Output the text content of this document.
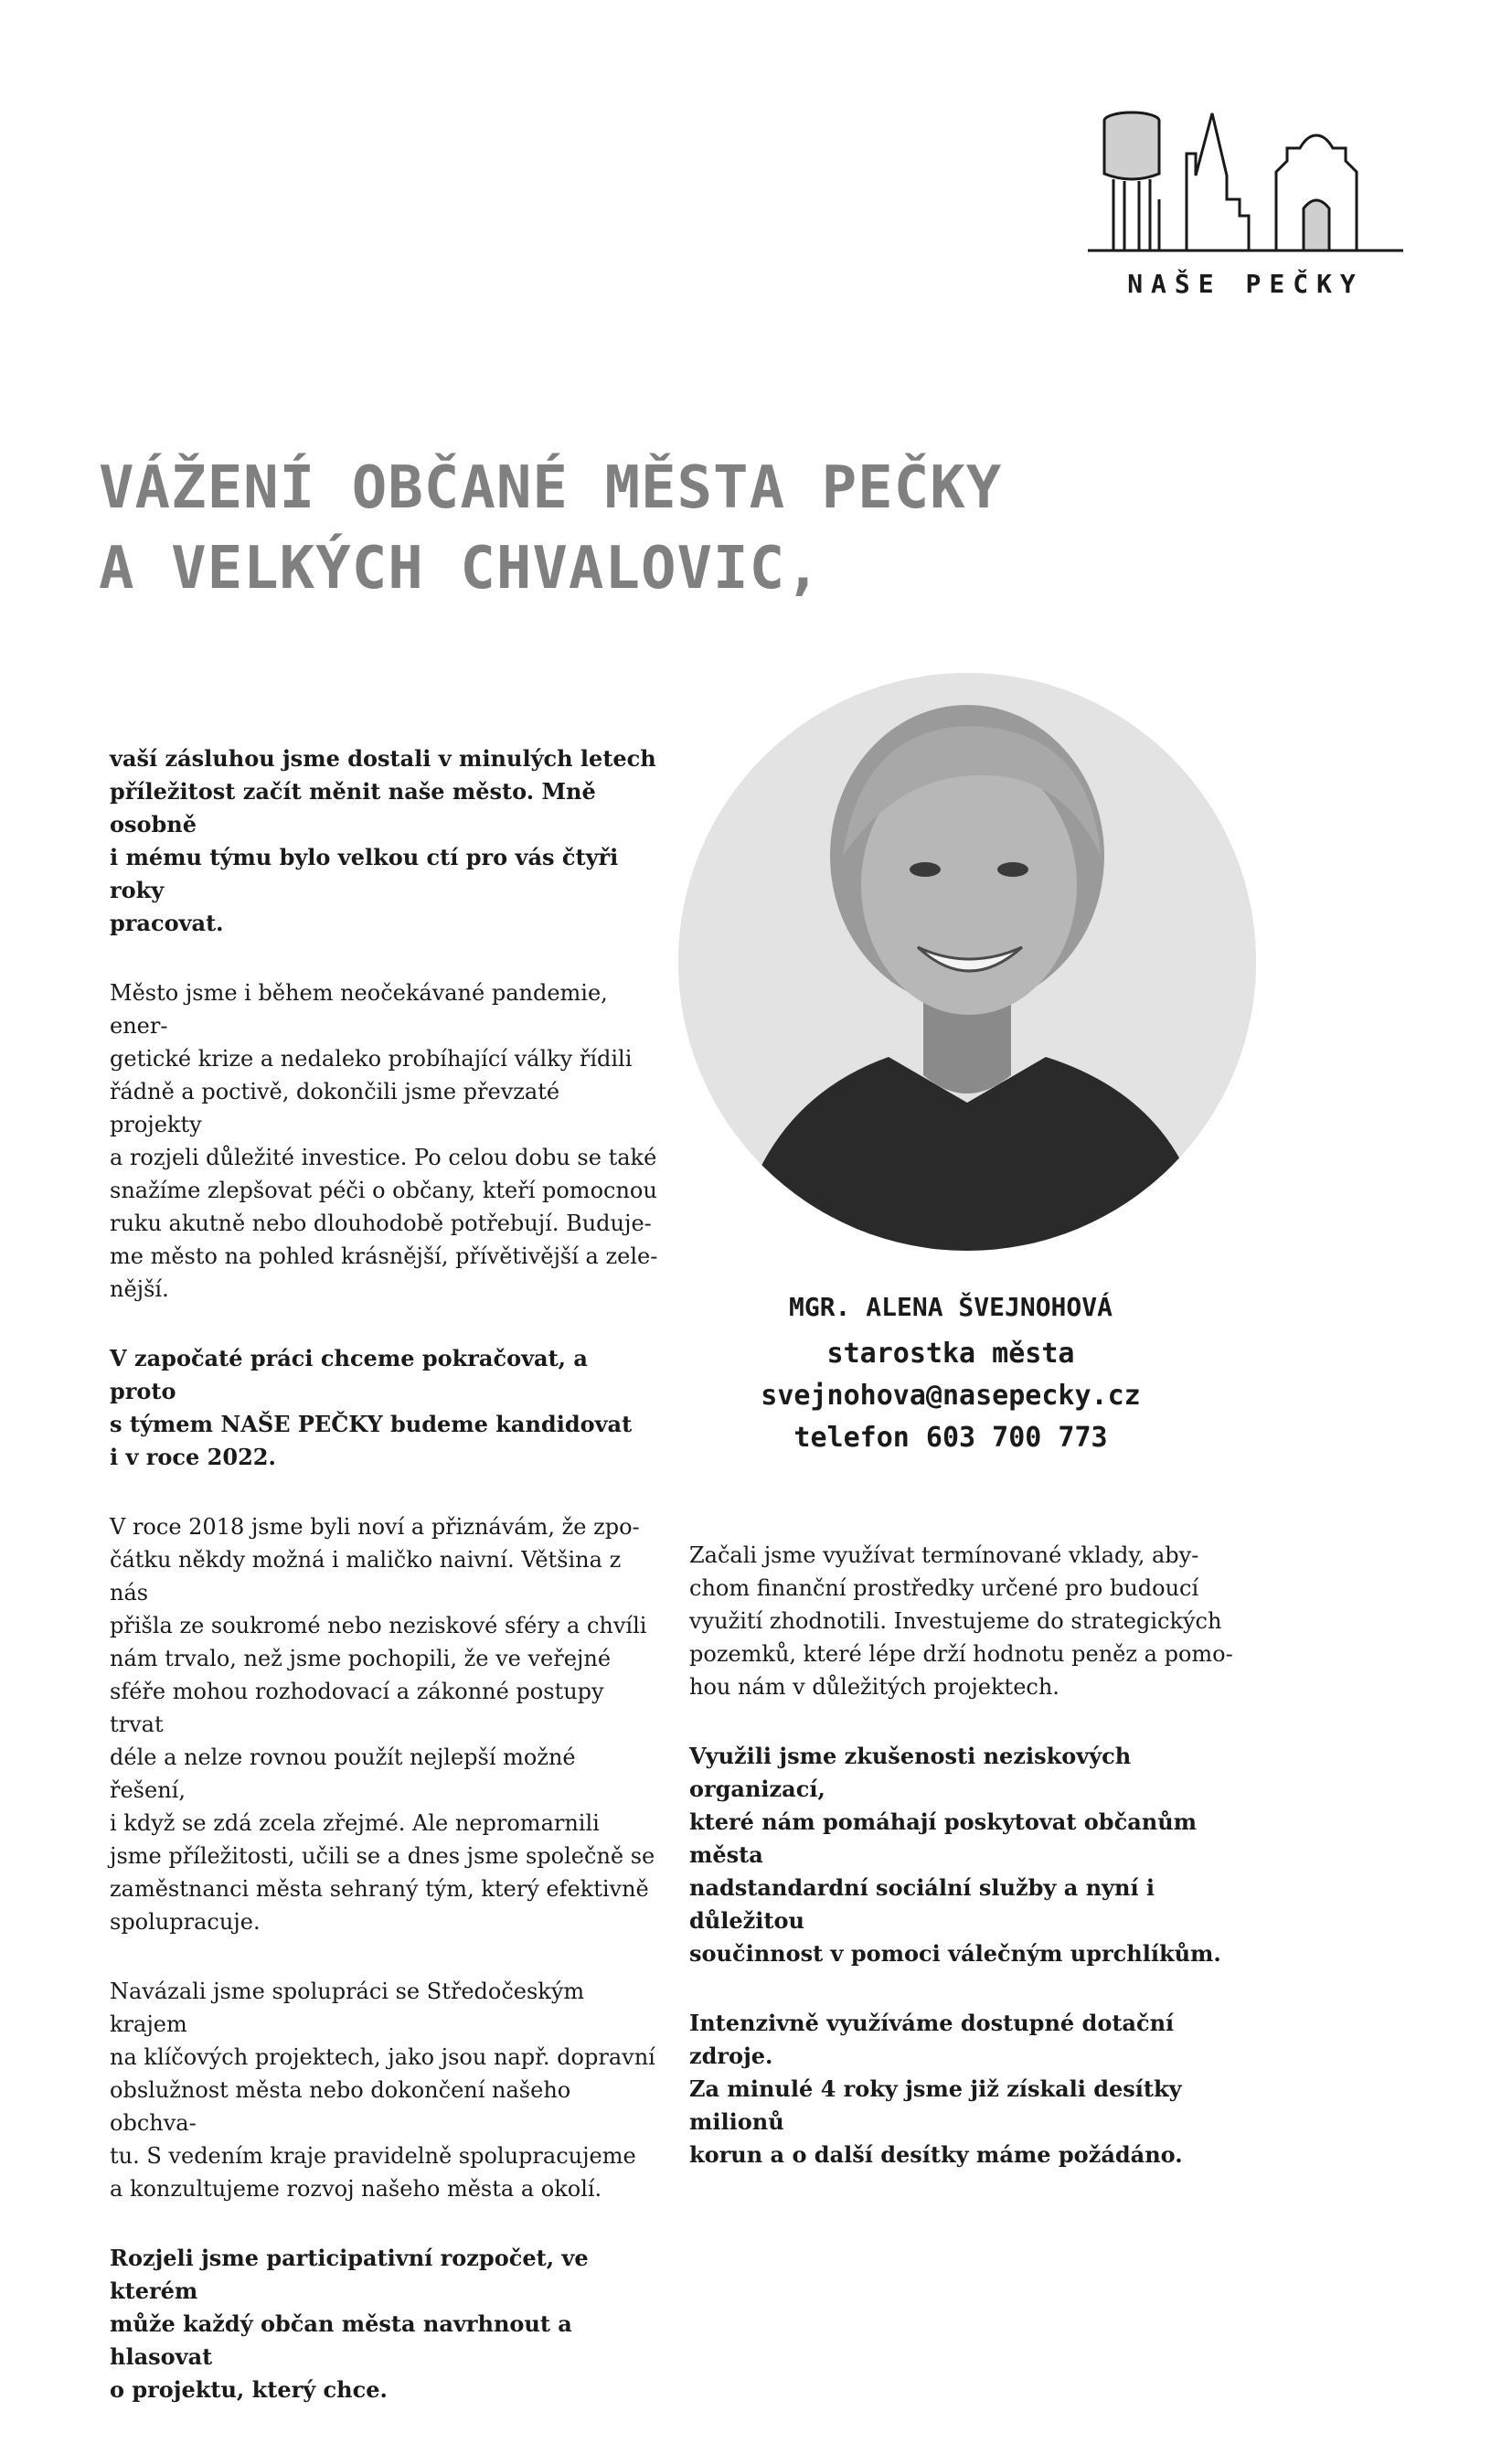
NAŠE PEČKY
VÁŽENÍ OBČANÉ MĚSTA PEČKY
A VELKÝCH CHVALOVIC,

vaší zásluhou jsme dostali v minulých letech
příležitost začít měnit naše město. Mně osobně
i mému týmu bylo velkou ctí pro vás čtyři roky
pracovat.

Město jsme i během neočekávané pandemie, ener-
getické krize a nedaleko probíhající války řídili
řádně a poctivě, dokončili jsme převzaté projekty
a rozjeli důležité investice. Po celou dobu se také
snažíme zlepšovat péči o občany, kteří pomocnou
ruku akutně nebo dlouhodobě potřebují. Buduje-
me město na pohled krásnější, přívětivější a zele-
nější.

V započaté práci chceme pokračovat, a proto
s týmem NAŠE PEČKY budeme kandidovat
i v roce 2022.

V roce 2018 jsme byli noví a přiznávám, že zpo-
čátku někdy možná i maličko naivní. Většina z nás
přišla ze soukromé nebo neziskové sféry a chvíli
nám trvalo, než jsme pochopili, že ve veřejné
sféře mohou rozhodovací a zákonné postupy trvat
déle a nelze rovnou použít nejlepší možné řešení,
i když se zdá zcela zřejmé. Ale nepromarnili
jsme příležitosti, učili se a dnes jsme společně se
zaměstnanci města sehraný tým, který efektivně
spolupracuje.

Navázali jsme spolupráci se Středočeským krajem
na klíčových projektech, jako jsou např. dopravní
obslužnost města nebo dokončení našeho obchva-
tu. S vedením kraje pravidelně spolupracujeme
a konzultujeme rozvoj našeho města a okolí.

Rozjeli jsme participativní rozpočet, ve kterém
může každý občan města navrhnout a hlasovat
o projektu, který chce.

MGR. ALENA ŠVEJNOHOVÁ
starostka města
svejnohova@nasepecky.cz
telefon 603 700 773

Začali jsme využívat termínované vklady, aby-
chom finanční prostředky určené pro budoucí
využití zhodnotili. Investujeme do strategických
pozemků, které lépe drží hodnotu peněz a pomo-
hou nám v důležitých projektech.

Využili jsme zkušenosti neziskových organizací,
které nám pomáhají poskytovat občanům města
nadstandardní sociální služby a nyní i důležitou
součinnost v pomoci válečným uprchlíkům.

Intenzivně využíváme dostupné dotační zdroje.
Za minulé 4 roky jsme již získali desítky milionů
korun a o další desítky máme požádáno.
